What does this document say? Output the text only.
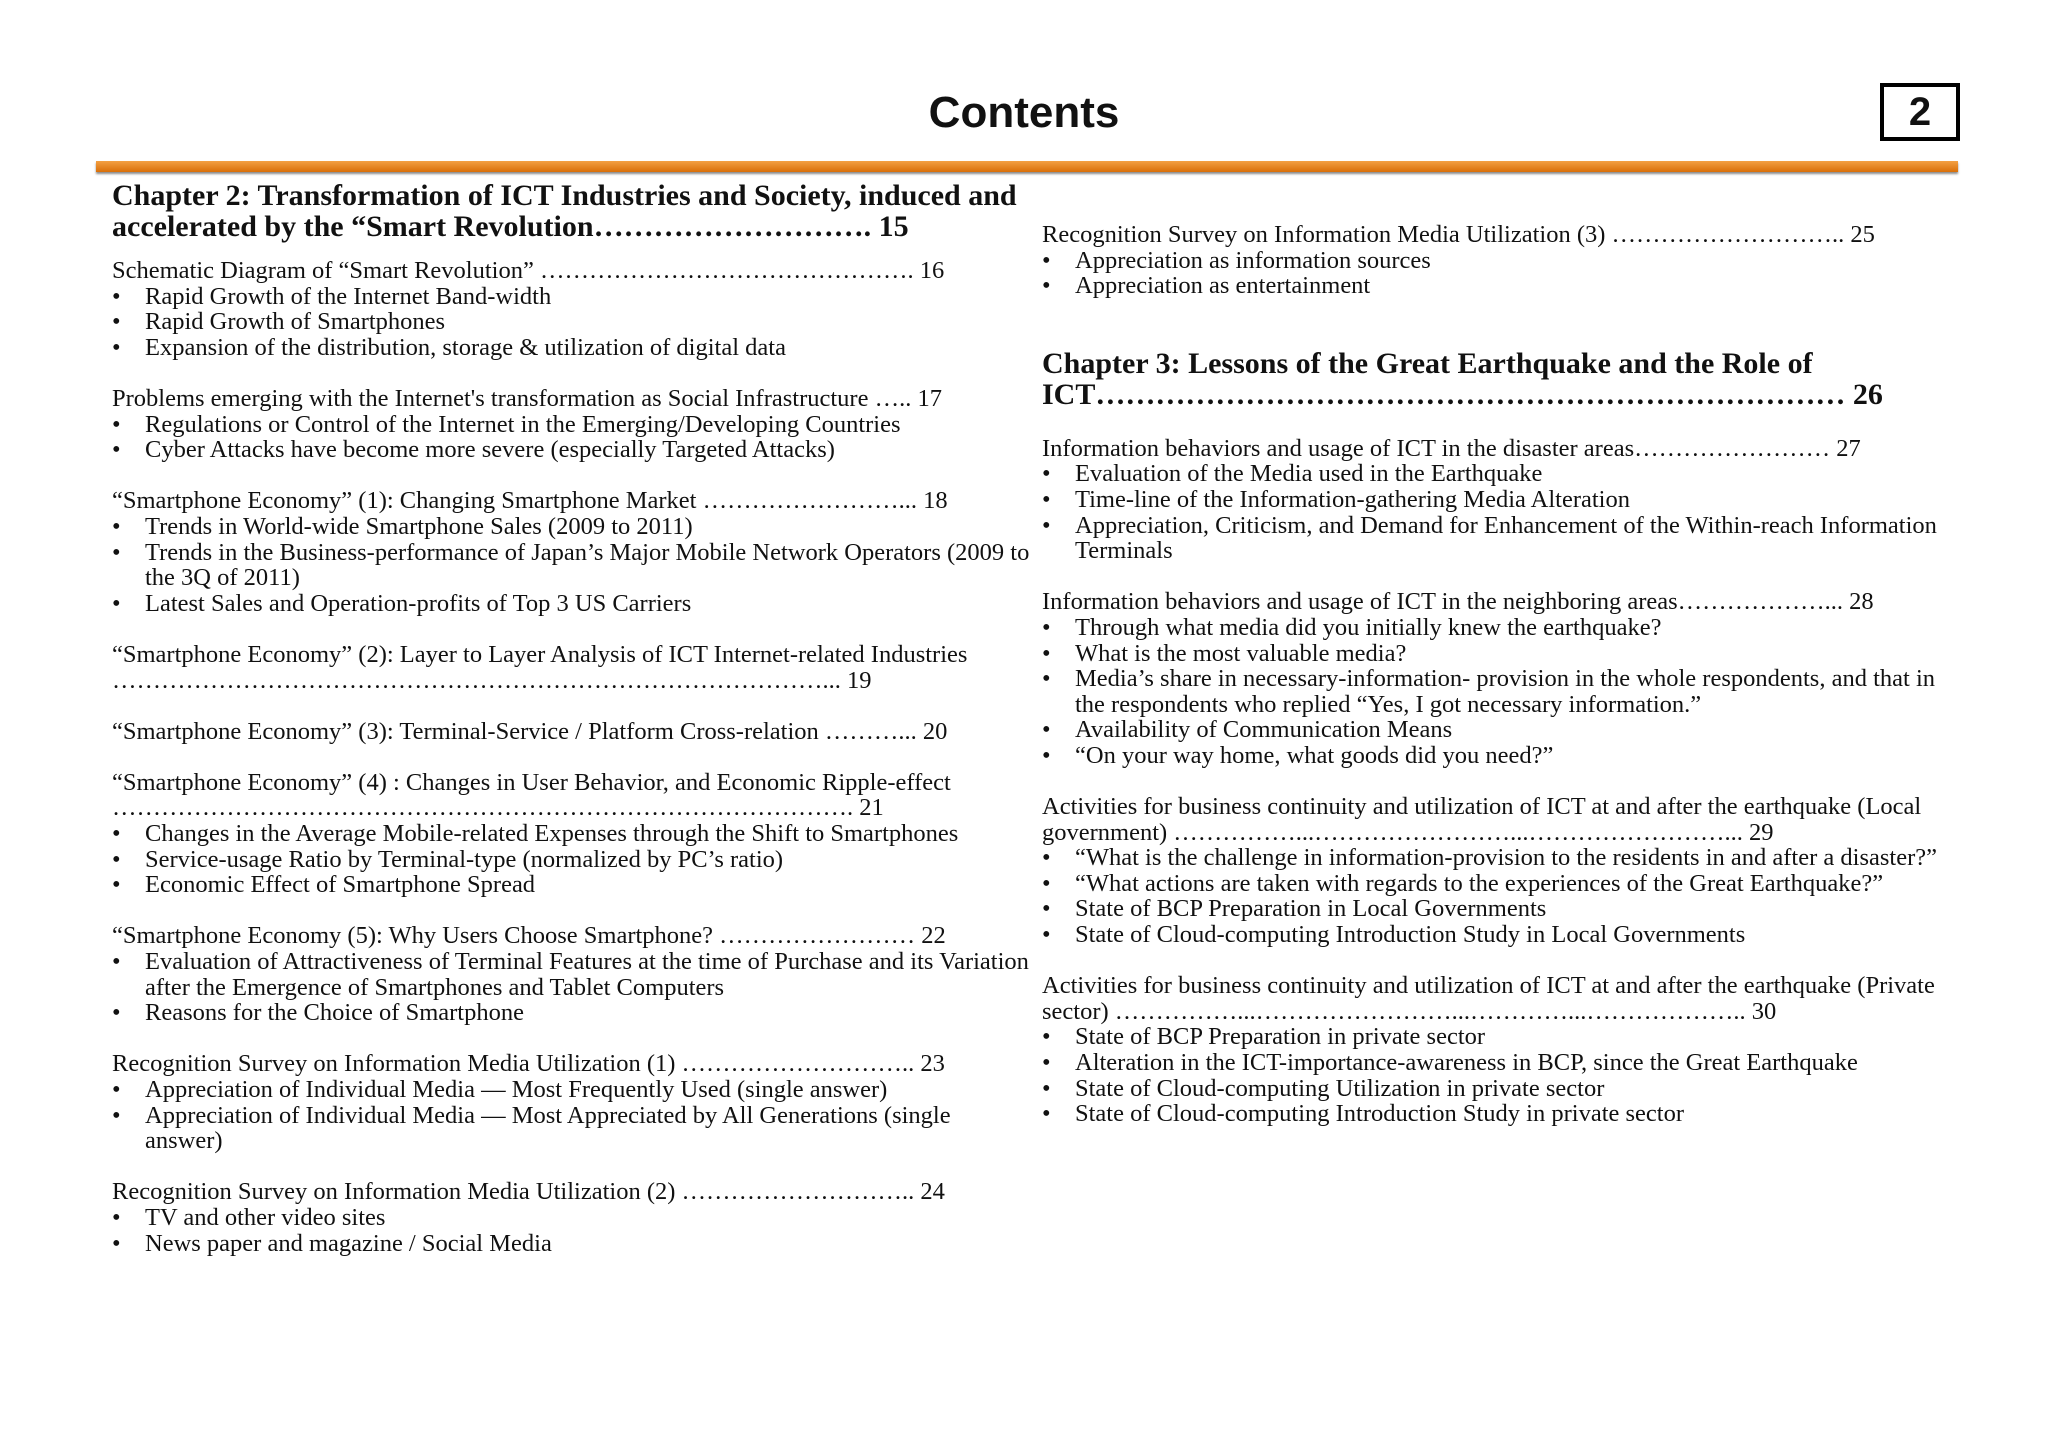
Contents	2
Chapter 2: Transformation of ICT Industries and Society, induced and accelerated by the “Smart Revolution………………………. 15
Schematic Diagram of “Smart Revolution” ………………………………………. 16
• Rapid Growth of the Internet Band-width
• Rapid Growth of Smartphones
• Expansion of the distribution, storage & utilization of digital data
Problems emerging with the Internet's transformation as Social Infrastructure ….. 17
• Regulations or Control of the Internet in the Emerging/Developing Countries
• Cyber Attacks have become more severe (especially Targeted Attacks)
“Smartphone Economy” (1): Changing Smartphone Market ……………………... 18
• Trends in World-wide Smartphone Sales (2009 to 2011)
• Trends in the Business-performance of Japan’s Major Mobile Network Operators (2009 to the 3Q of 2011)
• Latest Sales and Operation-profits of Top 3 US Carriers
“Smartphone Economy” (2): Layer to Layer Analysis of ICT Internet-related Industries ……………………………………………………………………………... 19
“Smartphone Economy” (3): Terminal-Service / Platform Cross-relation ………... 20
“Smartphone Economy” (4) : Changes in User Behavior, and Economic Ripple-effect ………………………………………………………………………………. 21
• Changes in the Average Mobile-related Expenses through the Shift to Smartphones
• Service-usage Ratio by Terminal-type (normalized by PC’s ratio)
• Economic Effect of Smartphone Spread
“Smartphone Economy (5): Why Users Choose Smartphone? …………………… 22
• Evaluation of Attractiveness of Terminal Features at the time of Purchase and its Variation after the Emergence of Smartphones and Tablet Computers
• Reasons for the Choice of Smartphone
Recognition Survey on Information Media Utilization (1) ……………………….. 23
• Appreciation of Individual Media — Most Frequently Used (single answer)
• Appreciation of Individual Media — Most Appreciated by All Generations (single answer)
Recognition Survey on Information Media Utilization (2) ……………………….. 24
• TV and other video sites
• News paper and magazine / Social Media
Recognition Survey on Information Media Utilization (3) ……………………….. 25
• Appreciation as information sources
• Appreciation as entertainment
Chapter 3: Lessons of the Great Earthquake and the Role of ICT………………………………………………………………… 26
Information behaviors and usage of ICT in the disaster areas…………………… 27
• Evaluation of the Media used in the Earthquake
• Time-line of the Information-gathering Media Alteration
• Appreciation, Criticism, and Demand for Enhancement of the Within-reach Information Terminals
Information behaviors and usage of ICT in the neighboring areas………………... 28
• Through what media did you initially knew the earthquake?
• What is the most valuable media?
• Media’s share in necessary-information- provision in the whole respondents, and that in the respondents who replied “Yes, I got necessary information.”
• Availability of Communication Means
• “On your way home, what goods did you need?”
Activities for business continuity and utilization of ICT at and after the earthquake (Local government) ……………...……………………...……………………... 29
• “What is the challenge in information-provision to the residents in and after a disaster?”
• “What actions are taken with regards to the experiences of the Great Earthquake?”
• State of BCP Preparation in Local Governments
• State of Cloud-computing Introduction Study in Local Governments
Activities for business continuity and utilization of ICT at and after the earthquake (Private sector) ……………...……………………...…………...……………….. 30
• State of BCP Preparation in private sector
• Alteration in the ICT-importance-awareness in BCP, since the Great Earthquake
• State of Cloud-computing Utilization in private sector
• State of Cloud-computing Introduction Study in private sector
